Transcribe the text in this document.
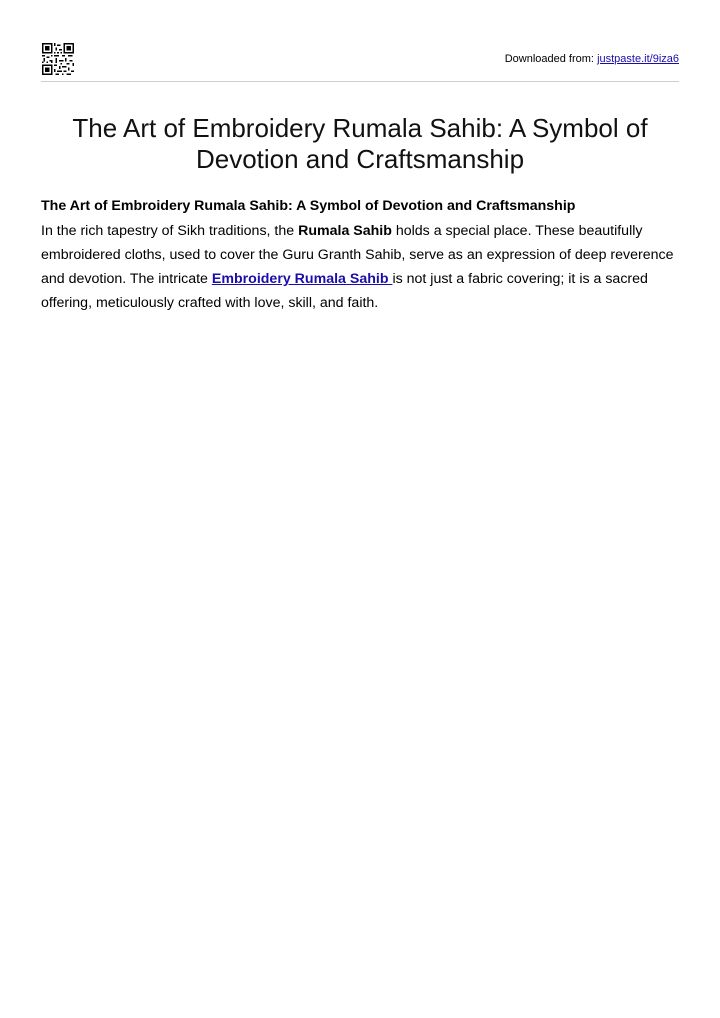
Downloaded from: justpaste.it/9iza6
The Art of Embroidery Rumala Sahib: A Symbol of
Devotion and Craftsmanship

The Art of Embroidery Rumala Sahib: A Symbol of Devotion and Craftsmanship

In the rich tapestry of Sikh traditions, the Rumala Sahib holds a special place. These beautifully embroidered cloths, used to cover the Guru Granth Sahib, serve as an expression of deep reverence and devotion. The intricate Embroidery Rumala Sahib is not just a fabric covering; it is a sacred offering, meticulously crafted with love, skill, and faith.
